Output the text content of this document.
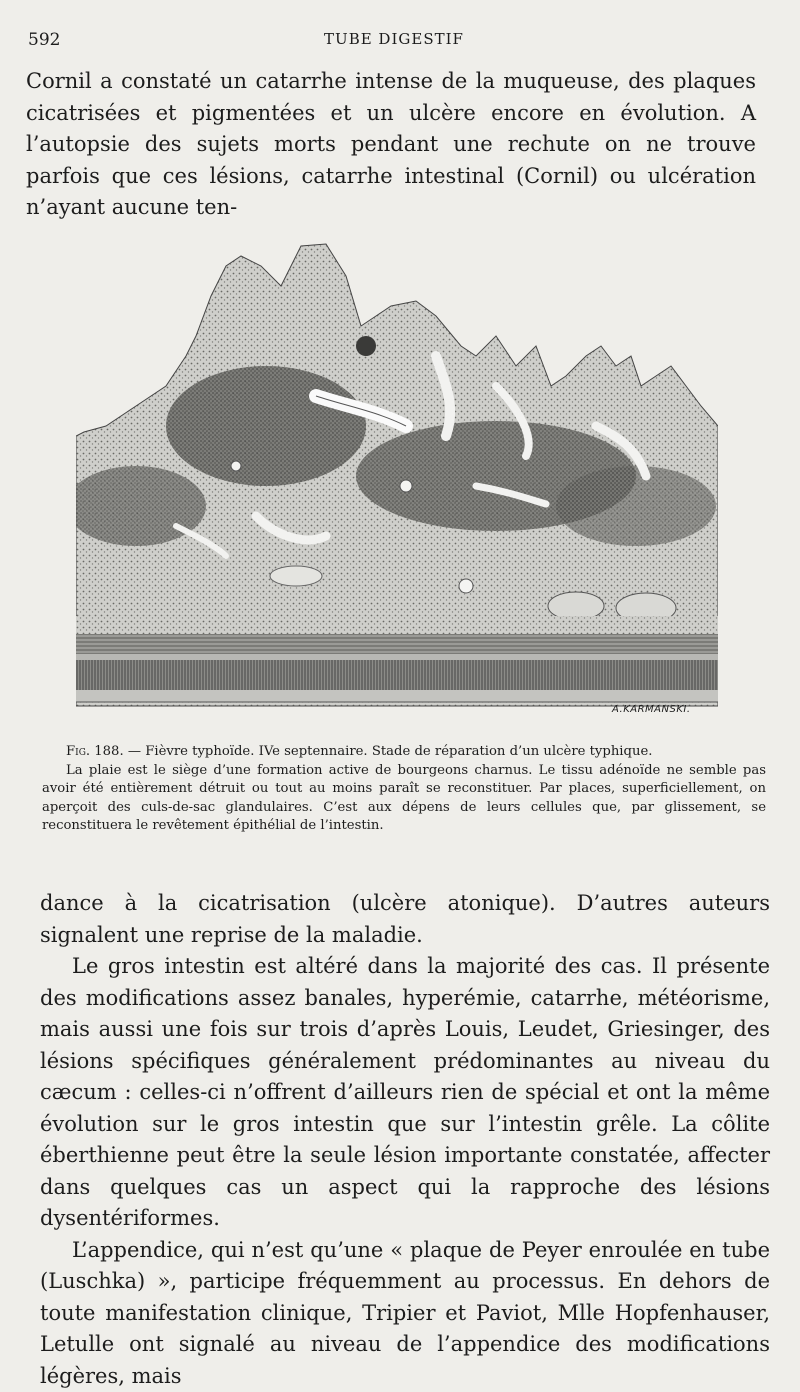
592	TUBE DIGESTIF

Cornil a constaté un catarrhe intense de la muqueuse, des plaques cicatrisées et pigmentées et un ulcère encore en évolution. A l’autopsie des sujets morts pendant une rechute on ne trouve parfois que ces lésions, catarrhe intestinal (Cornil) ou ulcération n’ayant aucune ten-

A.KARMANSKI.

Fig. 188. — Fièvre typhoïde. IVe septennaire. Stade de réparation d’un ulcère typhique.

La plaie est le siège d’une formation active de bourgeons charnus. Le tissu adénoïde ne semble pas avoir été entièrement détruit ou tout au moins paraît se reconstituer. Par places, superficiellement, on aperçoit des culs-de-sac glandulaires. C’est aux dépens de leurs cellules que, par glissement, se reconstituera le revêtement épithélial de l’intestin.

dance à la cicatrisation (ulcère atonique). D’autres auteurs signalent une reprise de la maladie.

Le gros intestin est altéré dans la majorité des cas. Il présente des modifications assez banales, hyperémie, catarrhe, météorisme, mais aussi une fois sur trois d’après Louis, Leudet, Griesinger, des lésions spécifiques généralement prédominantes au niveau du cæcum : celles-ci n’offrent d’ailleurs rien de spécial et ont la même évolution sur le gros intestin que sur l’intestin grêle. La côlite éberthienne peut être la seule lésion importante constatée, affecter dans quelques cas un aspect qui la rapproche des lésions dysentériformes.

L’appendice, qui n’est qu’une « plaque de Peyer enroulée en tube (Luschka) », participe fréquemment au processus. En dehors de toute manifestation clinique, Tripier et Paviot, Mlle Hopfenhauser, Letulle ont signalé au niveau de l’appendice des modifications légères, mais
